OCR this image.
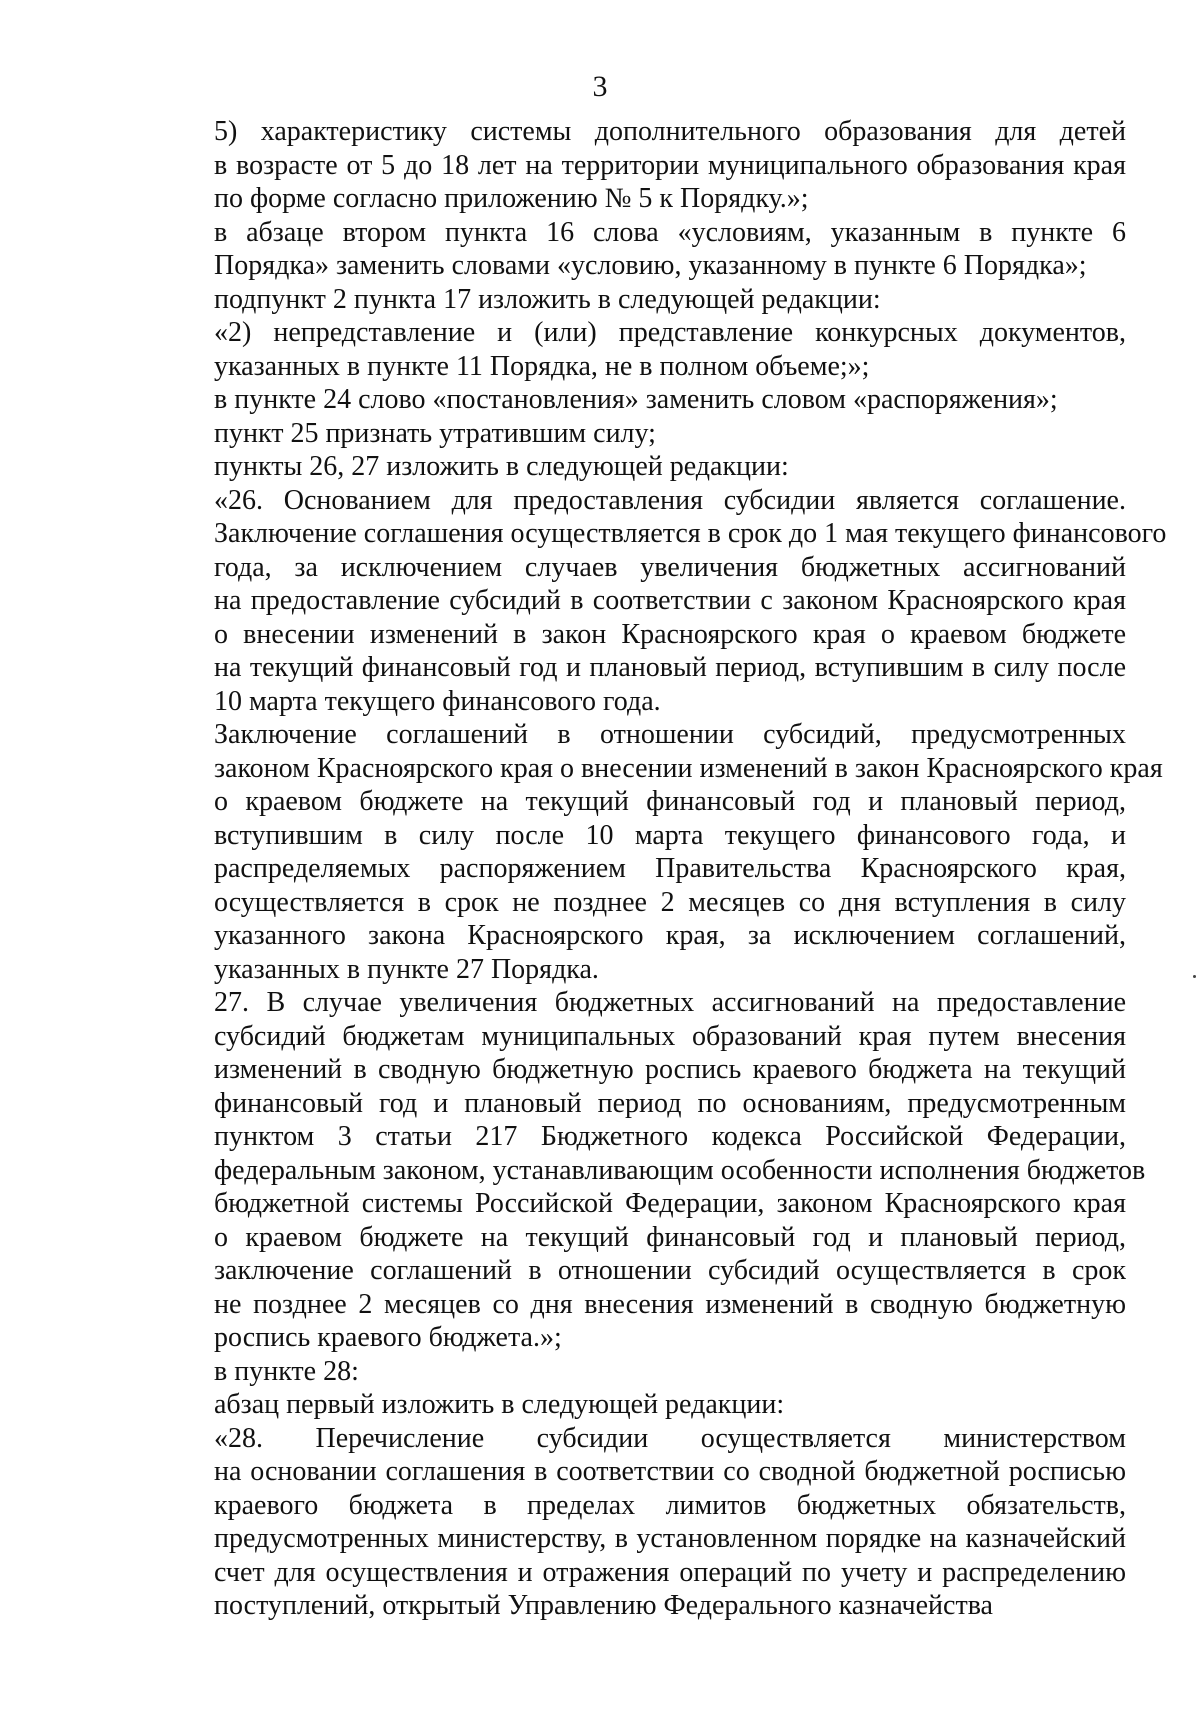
3

5) характеристику системы дополнительного образования для детей
в возрасте от 5 до 18 лет на территории муниципального образования края
по форме согласно приложению № 5 к Порядку.»;

в абзаце втором пункта 16 слова «условиям, указанным в пункте 6
Порядка» заменить словами «условию, указанному в пункте 6 Порядка»;

подпункт 2 пункта 17 изложить в следующей редакции:

«2) непредставление и (или) представление конкурсных документов,
указанных в пункте 11 Порядка, не в полном объеме;»;

в пункте 24 слово «постановления» заменить словом «распоряжения»;

пункт 25 признать утратившим силу;

пункты 26, 27 изложить в следующей редакции:

«26. Основанием для предоставления субсидии является соглашение.
Заключение соглашения осуществляется в срок до 1 мая текущего финансового
года, за исключением случаев увеличения бюджетных ассигнований
на предоставление субсидий в соответствии с законом Красноярского края
о внесении изменений в закон Красноярского края о краевом бюджете
на текущий финансовый год и плановый период, вступившим в силу после
10 марта текущего финансового года.

Заключение соглашений в отношении субсидий, предусмотренных
законом Красноярского края о внесении изменений в закон Красноярского края
о краевом бюджете на текущий финансовый год и плановый период,
вступившим в силу после 10 марта текущего финансового года, и
распределяемых распоряжением Правительства Красноярского края,
осуществляется в срок не позднее 2 месяцев со дня вступления в силу
указанного закона Красноярского края, за исключением соглашений,
указанных в пункте 27 Порядка.

27. В случае увеличения бюджетных ассигнований на предоставление
субсидий бюджетам муниципальных образований края путем внесения
изменений в сводную бюджетную роспись краевого бюджета на текущий
финансовый год и плановый период по основаниям, предусмотренным
пунктом 3 статьи 217 Бюджетного кодекса Российской Федерации,
федеральным законом, устанавливающим особенности исполнения бюджетов
бюджетной системы Российской Федерации, законом Красноярского края
о краевом бюджете на текущий финансовый год и плановый период,
заключение соглашений в отношении субсидий осуществляется в срок
не позднее 2 месяцев со дня внесения изменений в сводную бюджетную
роспись краевого бюджета.»;

в пункте 28:

абзац первый изложить в следующей редакции:

«28. Перечисление субсидии осуществляется министерством
на основании соглашения в соответствии со сводной бюджетной росписью
краевого бюджета в пределах лимитов бюджетных обязательств,
предусмотренных министерству, в установленном порядке на казначейский
счет для осуществления и отражения операций по учету и распределению
поступлений, открытый Управлению Федерального казначейства
